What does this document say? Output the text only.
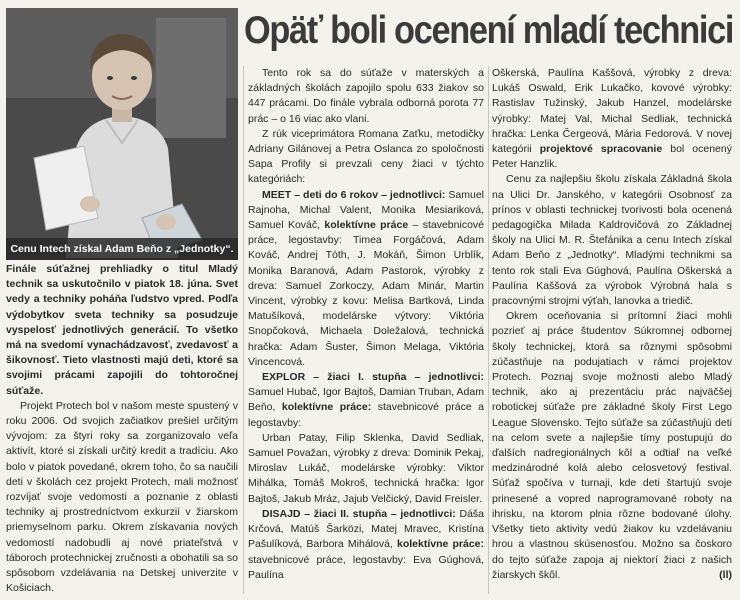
Cenu Intech získal Adam Beňo z „Jednotky“.
Opäť boli ocenení mladí technici

Finále súťažnej prehliadky o titul Mladý technik sa uskutočnilo v piatok 18. júna. Svet vedy a techniky poháňa ľudstvo vpred. Podľa výdobytkov sveta techniky sa posudzuje vyspelosť jednotlivých generácií. To všetko má na svedomí vynachádzavosť, zvedavosť a šikovnosť. Tieto vlastnosti majú deti, ktoré sa svojimi prácami zapojili do tohtoročnej súťaže.

Projekt Protech bol v našom meste spustený v roku 2006. Od svojich začiatkov prešiel určitým vývojom: za štyri roky sa zorganizovalo veľa aktivít, ktoré si získali určitý kredit a tradíciu. Ako bolo v piatok povedané, okrem toho, čo sa naučili deti v školách cez projekt Protech, mali možnosť rozvíjať svoje vedomosti a poznanie z oblasti techniky aj prostredníctvom exkurzií v žiarskom priemyselnom parku. Okrem získavania nových vedomostí nadobudli aj nové priateľstvá v táboroch protechnickej zručnosti a obohatili sa so spôsobom vzdelávania na Detskej univerzite v Košiciach.

Tento rok sa do súťaže v materských a základných školách zapojilo spolu 633 žiakov so 447 prácami. Do finále vybrala odborná porota 77 prác – o 16 viac ako vlani.

Z rúk viceprimátora Romana Zaťku, metodičky Adriany Gilánovej a Petra Oslanca zo spoločnosti Sapa Profily si prevzali ceny žiaci v týchto kategóriách:

MEET – deti do 6 rokov – jednotlivci: Samuel Rajnoha, Michal Valent, Monika Mesiariková, Samuel Kováč, kolektívne práce – stavebnicové práce, legostavby: Timea Forgáčová, Adam Kováč, Andrej Tóth, J. Mokáň, Šimon Urblík, Monika Baranová, Adam Pastorok, výrobky z dreva: Samuel Zorkoczy, Adam Minár, Martin Vincent, výrobky z kovu: Melisa Bartková, Linda Matušíková, modelárske výtvory: Viktória Snopčoková, Michaela Doležalová, technická hračka: Adam Šuster, Šimon Melaga, Viktória Vincencová.

EXPLOR – žiaci I. stupňa – jednotlivci: Samuel Hubač, Igor Bajtoš, Damian Truban, Adam Beňo, kolektívne práce: stavebnicové práce a legostavby:

Urban Patay, Filip Sklenka, David Sedliak, Samuel Považan, výrobky z dreva: Dominik Pekaj, Miroslav Lukáč, modelárske výrobky: Viktor Mihálka, Tomáš Mokroš, technická hračka: Igor Bajtoš, Jakub Mráz, Jajub Velčický, David Freisler.

DISAJD – žiaci II. stupňa – jednotlivci: Dáša Krčová, Matúš Šarközi, Matej Mravec, Kristína Pašulíková, Barbora Mihálová, kolektívne práce: stavebnicové práce, legostavby: Eva Gúghová, Paulína

Oškerská, Paulína Kaššová, výrobky z dreva: Lukáš Oswald, Erik Lukačko, kovové výrobky: Rastislav Tužinský, Jakub Hanzel, modelárske výrobky: Matej Val, Michal Sedliak, technická hračka: Lenka Čergeová, Mária Fedorová. V novej kategórii projektové spracovanie bol ocenený Peter Hanzlik.

Cenu za najlepšiu školu získala Základná škola na Ulici Dr. Janského, v kategórii Osobnosť za prínos v oblasti technickej tvorivosti bola ocenená pedagogička Milada Kaldrovičová zo Základnej školy na Ulici M. R. Štefánika a cenu Intech získal Adam Beňo z „Jednotky“. Mladými technikmi sa tento rok stali Eva Gúghová, Paulína Oškerská a Paulína Kaššová za výrobok Výrobná hala s pracovnými strojmi výťah, lanovka a triedič.

Okrem oceňovania si prítomní žiaci mohli pozrieť aj práce študentov Súkromnej odbornej školy technickej, ktorá sa rôznymi spôsobmi zúčastňuje na podujatiach v rámci projektov Protech. Poznaj svoje možnosti alebo Mladý technik, ako aj prezentáciu prác najväčšej robotickej súťaže pre základné školy First Lego League Slovensko. Tejto súťaže sa zúčastňujú deti na celom svete a najlepšie tímy postupujú do ďalších nadregionálnych kôl a odtiaľ na veľké medzinárodné kolá alebo celosvetový festival. Súťaž spočíva v turnaji, kde deti štartujú svoje prinesené a vopred naprogramované roboty na ihrisku, na ktorom plnia rôzne bodované úlohy. Všetky tieto aktivity vedú žiakov ku vzdelávaniu hrou a vlastnou skúsenosťou. Možno sa čoskoro do tejto súťaže zapoja aj niektorí žiaci z našich žiarskych škôl.	(ll)
